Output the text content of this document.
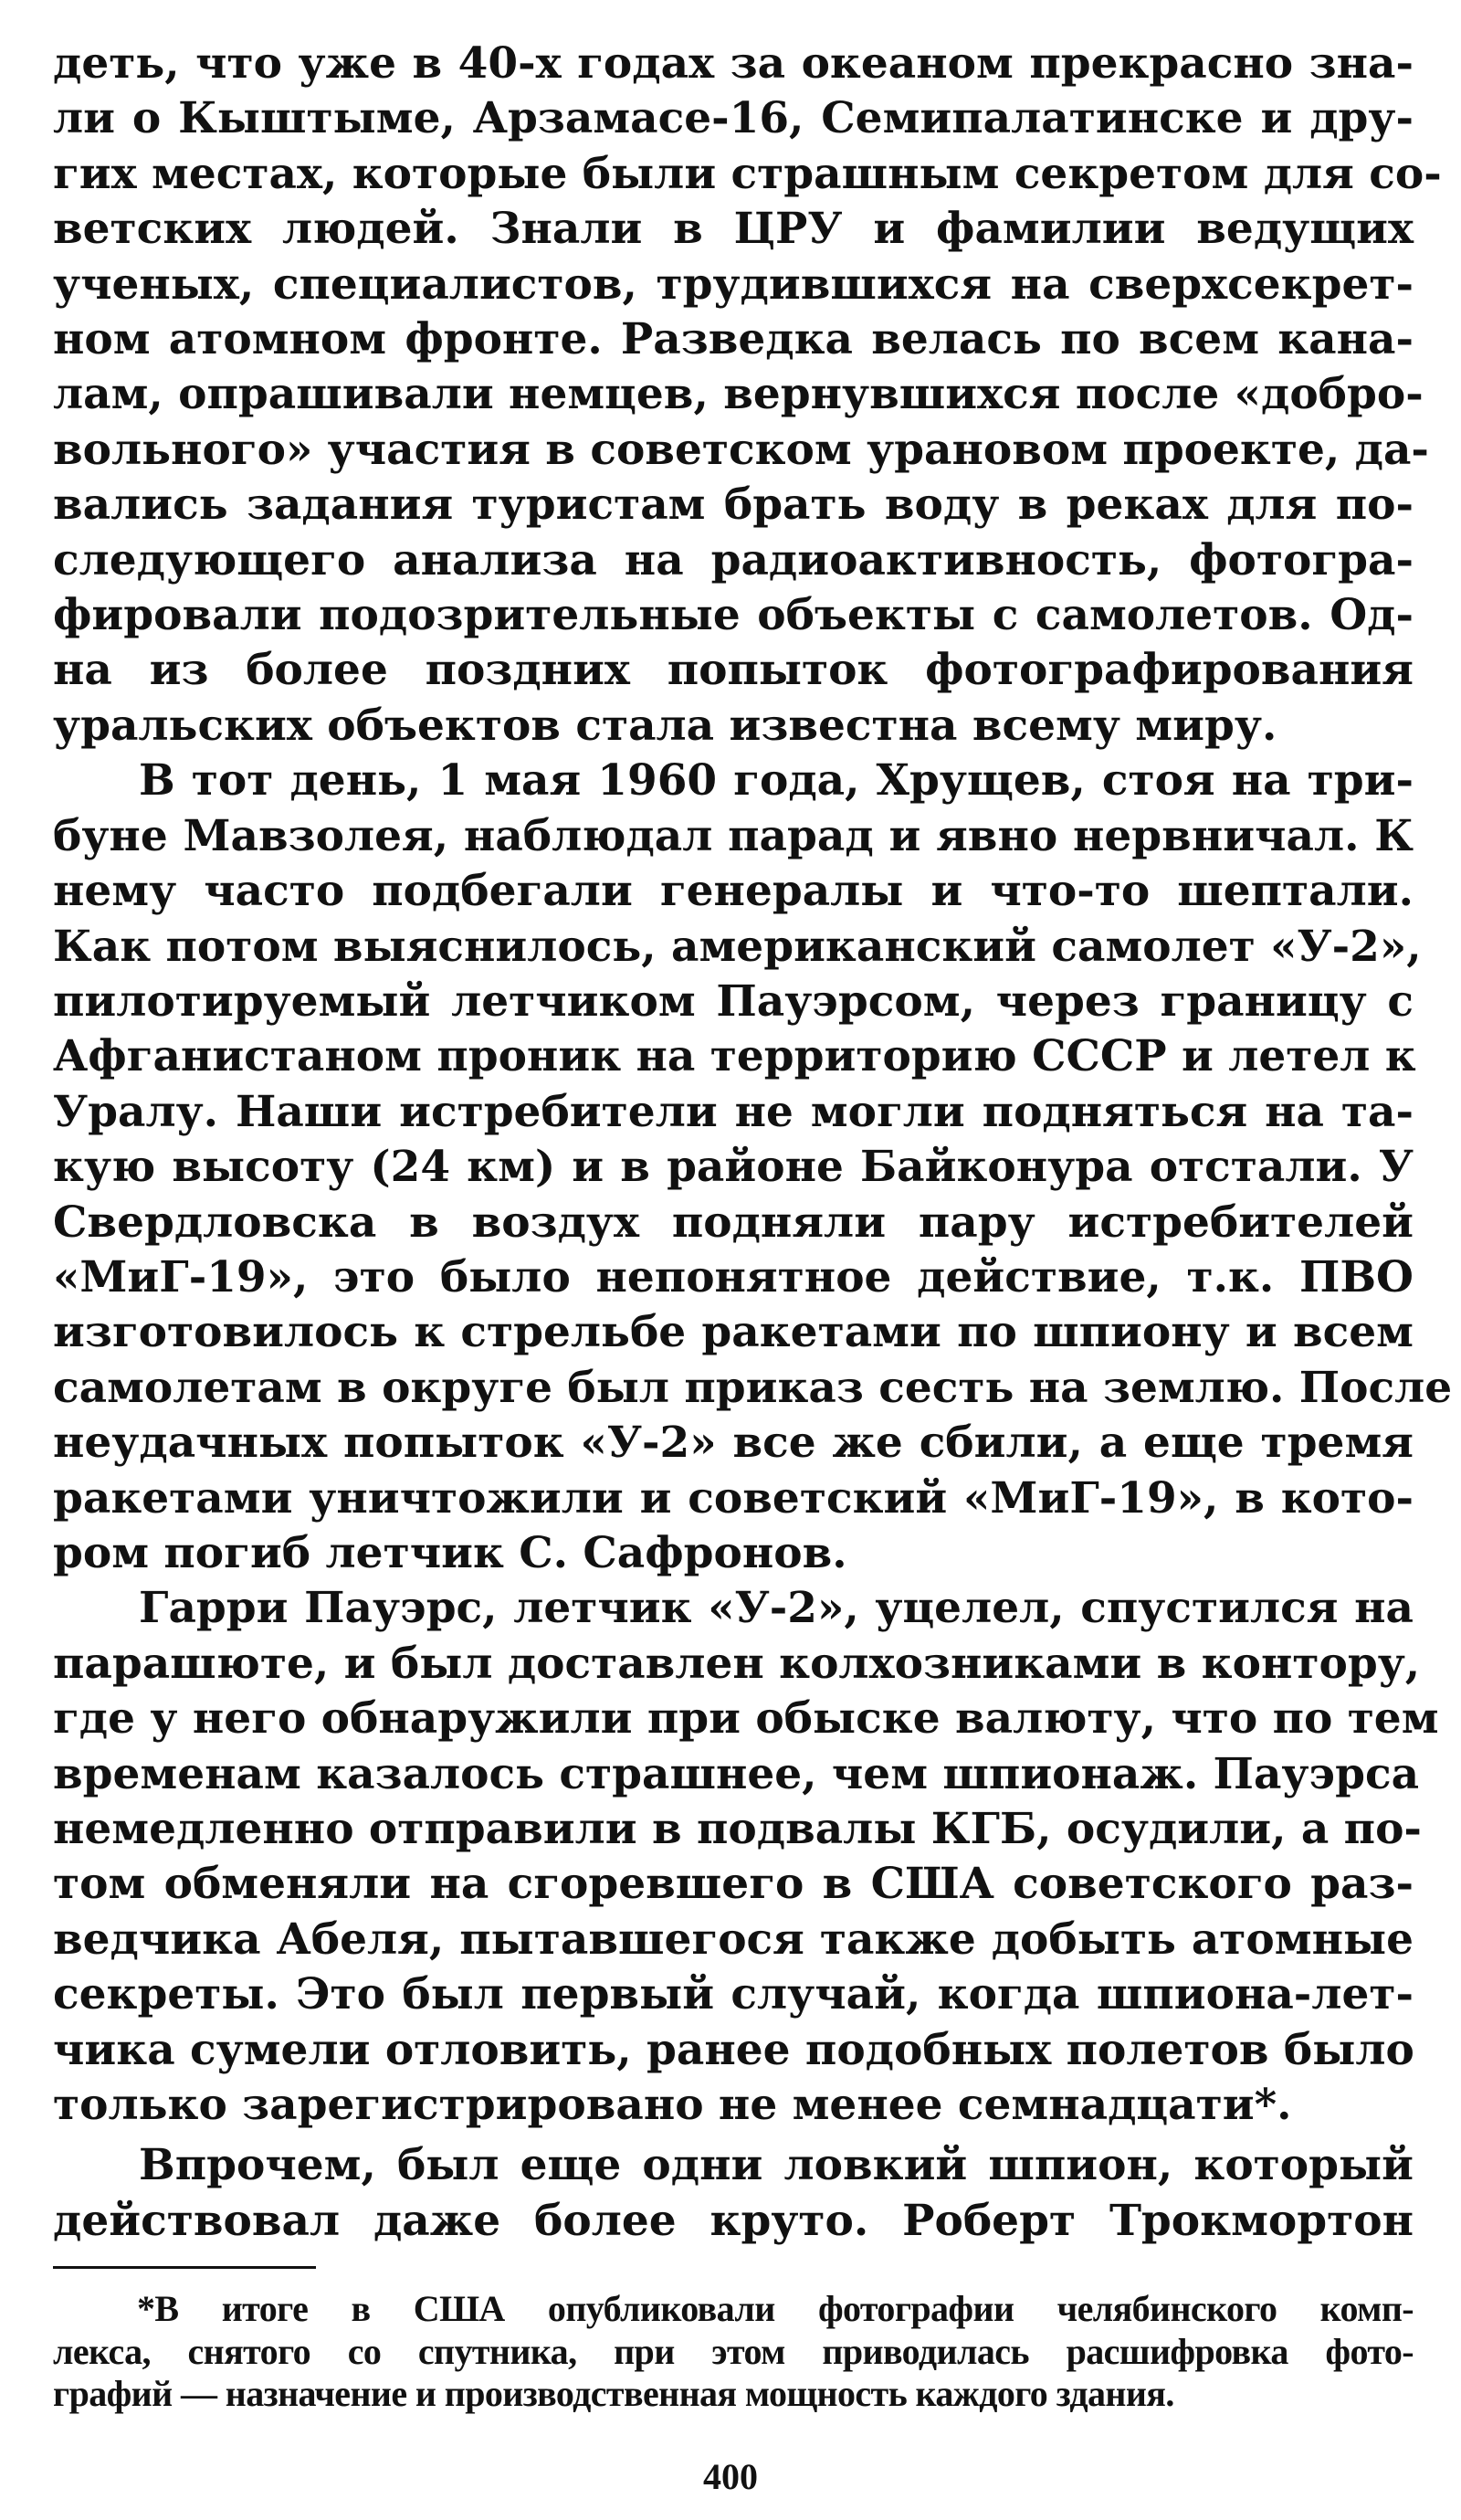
деть, что уже в 40-х годах за океаном прекрасно зна-
ли о Кыштыме, Арзамасе-16, Семипалатинске и дру-
гих местах, которые были страшным секретом для со-
ветских людей. Знали в ЦРУ и фамилии ведущих
ученых, специалистов, трудившихся на сверхсекрет-
ном атомном фронте. Разведка велась по всем кана-
лам, опрашивали немцев, вернувшихся после «добро-
вольного» участия в советском урановом проекте, да-
вались задания туристам брать воду в реках для по-
следующего анализа на радиоактивность, фотогра-
фировали подозрительные объекты с самолетов. Од-
на из более поздних попыток фотографирования
уральских объектов стала известна всему миру.

В тот день, 1 мая 1960 года, Хрущев, стоя на три-
буне Мавзолея, наблюдал парад и явно нервничал. К
нему часто подбегали генералы и что-то шептали.
Как потом выяснилось, американский самолет «У-2»,
пилотируемый летчиком Пауэрсом, через границу с
Афганистаном проник на территорию СССР и летел к
Уралу. Наши истребители не могли подняться на та-
кую высоту (24 км) и в районе Байконура отстали. У
Свердловска в воздух подняли пару истребителей
«МиГ-19», это было непонятное действие, т.к. ПВО
изготовилось к стрельбе ракетами по шпиону и всем
самолетам в округе был приказ сесть на землю. После
неудачных попыток «У-2» все же сбили, а еще тремя
ракетами уничтожили и советский «МиГ-19», в кото-
ром погиб летчик С. Сафронов.

Гарри Пауэрс, летчик «У-2», уцелел, спустился на
парашюте, и был доставлен колхозниками в контору,
где у него обнаружили при обыске валюту, что по тем
временам казалось страшнее, чем шпионаж. Пауэрса
немедленно отправили в подвалы КГБ, осудили, а по-
том обменяли на сгоревшего в США советского раз-
ведчика Абеля, пытавшегося также добыть атомные
секреты. Это был первый случай, когда шпиона-лет-
чика сумели отловить, ранее подобных полетов было
только зарегистрировано не менее семнадцати*.

Впрочем, был еще одни ловкий шпион, который
действовал даже более круто. Роберт Трокмортон

*В итоге в США опубликовали фотографии челябинского комп-
лекса, снятого со спутника, при этом приводилась расшифровка фото-
графий — назначение и производственная мощность каждого здания.
400
